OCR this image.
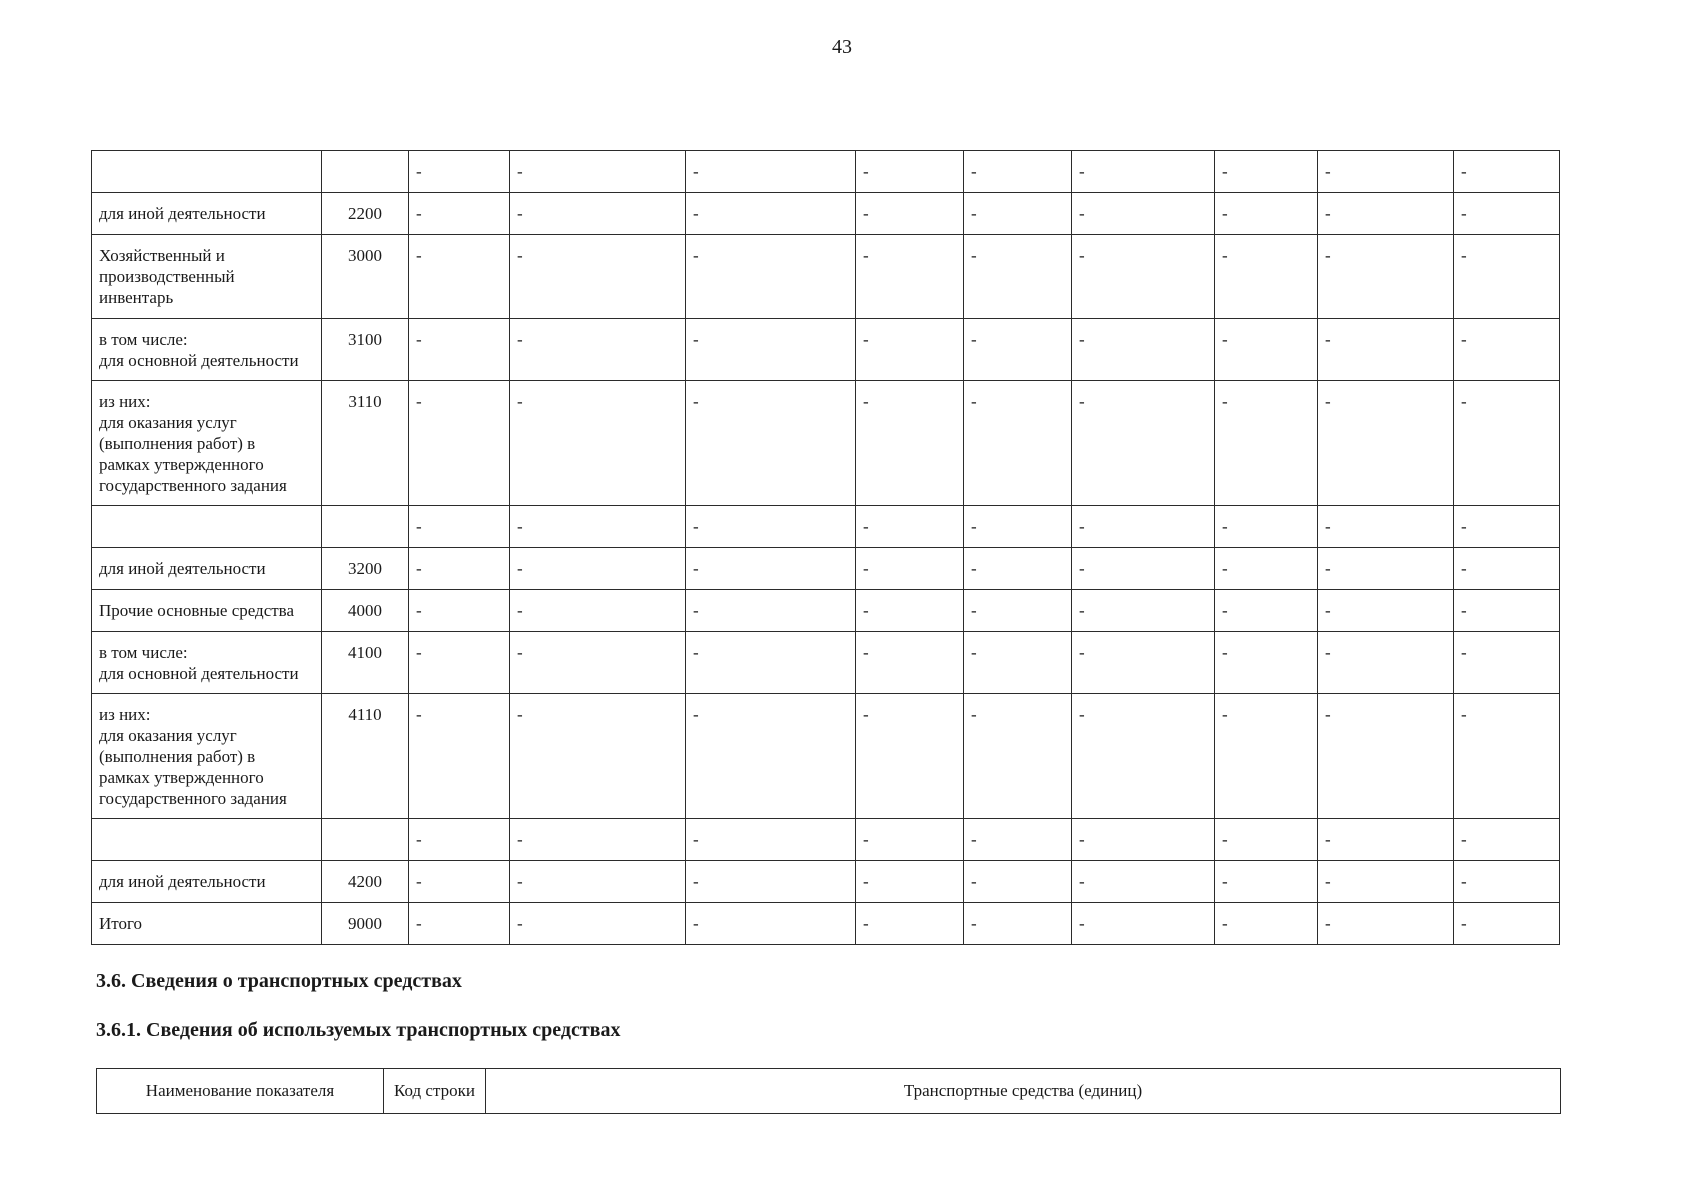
43
		-	-	-	-	-	-	-	-	-

для иной деятельности	2200	-	-	-	-	-	-	-	-	-

Хозяйственный и
производственный
инвентарь	3000	-	-	-	-	-	-	-	-	-

в том числе:
для основной деятельности	3100	-	-	-	-	-	-	-	-	-

из них:
для оказания услуг
(выполнения работ) в
рамках утвержденного
государственного задания	3110	-	-	-	-	-	-	-	-	-
		-	-	-	-	-	-	-	-	-

для иной деятельности	3200	-	-	-	-	-	-	-	-	-

Прочие основные средства	4000	-	-	-	-	-	-	-	-	-

в том числе:
для основной деятельности	4100	-	-	-	-	-	-	-	-	-

из них:
для оказания услуг
(выполнения работ) в
рамках утвержденного
государственного задания	4110	-	-	-	-	-	-	-	-	-
		-	-	-	-	-	-	-	-	-

для иной деятельности	4200	-	-	-	-	-	-	-	-	-

Итого	9000	-	-	-	-	-	-	-	-	-
3.6. Сведения о транспортных средствах
3.6.1. Сведения об используемых транспортных средствах
Наименование показателя	Код строки	Транспортные средства (единиц)
